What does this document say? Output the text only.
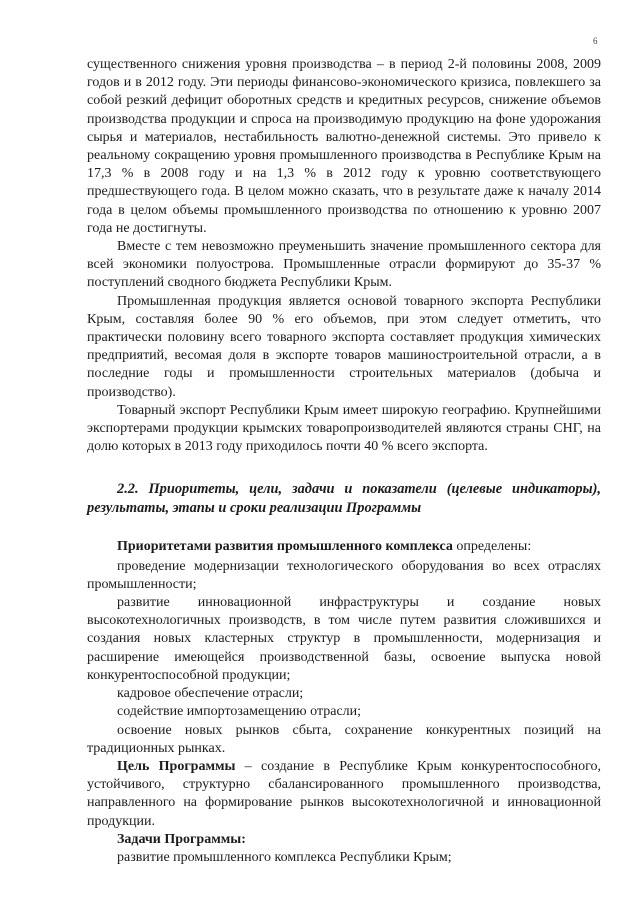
6

существенного снижения уровня производства – в период 2-й половины 2008, 2009 годов и в 2012 году. Эти периоды финансово-экономического кризиса, повлекшего за собой резкий дефицит оборотных средств и кредитных ресурсов, снижение объемов производства продукции и спроса на производимую продукцию на фоне удорожания сырья и материалов, нестабильность валютно-денежной системы. Это привело к реальному сокращению уровня промышленного производства в Республике Крым на 17,3 % в 2008 году и на 1,3 % в 2012 году к уровню соответствующего предшествующего года. В целом можно сказать, что в результате даже к началу 2014 года в целом объемы промышленного производства по отношению к уровню 2007 года не достигнуты.

Вместе с тем невозможно преуменьшить значение промышленного сектора для всей экономики полуострова. Промышленные отрасли формируют до 35-37 % поступлений сводного бюджета Республики Крым.

Промышленная продукция является основой товарного экспорта Республики Крым, составляя более 90 % его объемов, при этом следует отметить, что практически половину всего товарного экспорта составляет продукция химических предприятий, весомая доля в экспорте товаров машиностроительной отрасли, а в последние годы и промышленности строительных материалов (добыча и производство).

Товарный экспорт Республики Крым имеет широкую географию. Крупнейшими экспортерами продукции крымских товаропроизводителей являются страны СНГ, на долю которых в 2013 году приходилось почти 40 % всего экспорта.

2.2. Приоритеты, цели, задачи и показатели (целевые индикаторы), результаты, этапы и сроки реализации Программы

Приоритетами развития промышленного комплекса определены:

проведение модернизации технологического оборудования во всех отраслях промышленности;

развитие инновационной инфраструктуры и создание новых высокотехнологичных производств, в том числе путем развития сложившихся и создания новых кластерных структур в промышленности, модернизация и расширение имеющейся производственной базы, освоение выпуска новой конкурентоспособной продукции;

кадровое обеспечение отрасли;

содействие импортозамещению отрасли;

освоение новых рынков сбыта, сохранение конкурентных позиций на традиционных рынках.

Цель Программы – создание в Республике Крым конкурентоспособного, устойчивого, структурно сбалансированного промышленного производства, направленного на формирование рынков высокотехнологичной и инновационной продукции.

Задачи Программы:

развитие промышленного комплекса Республики Крым;
